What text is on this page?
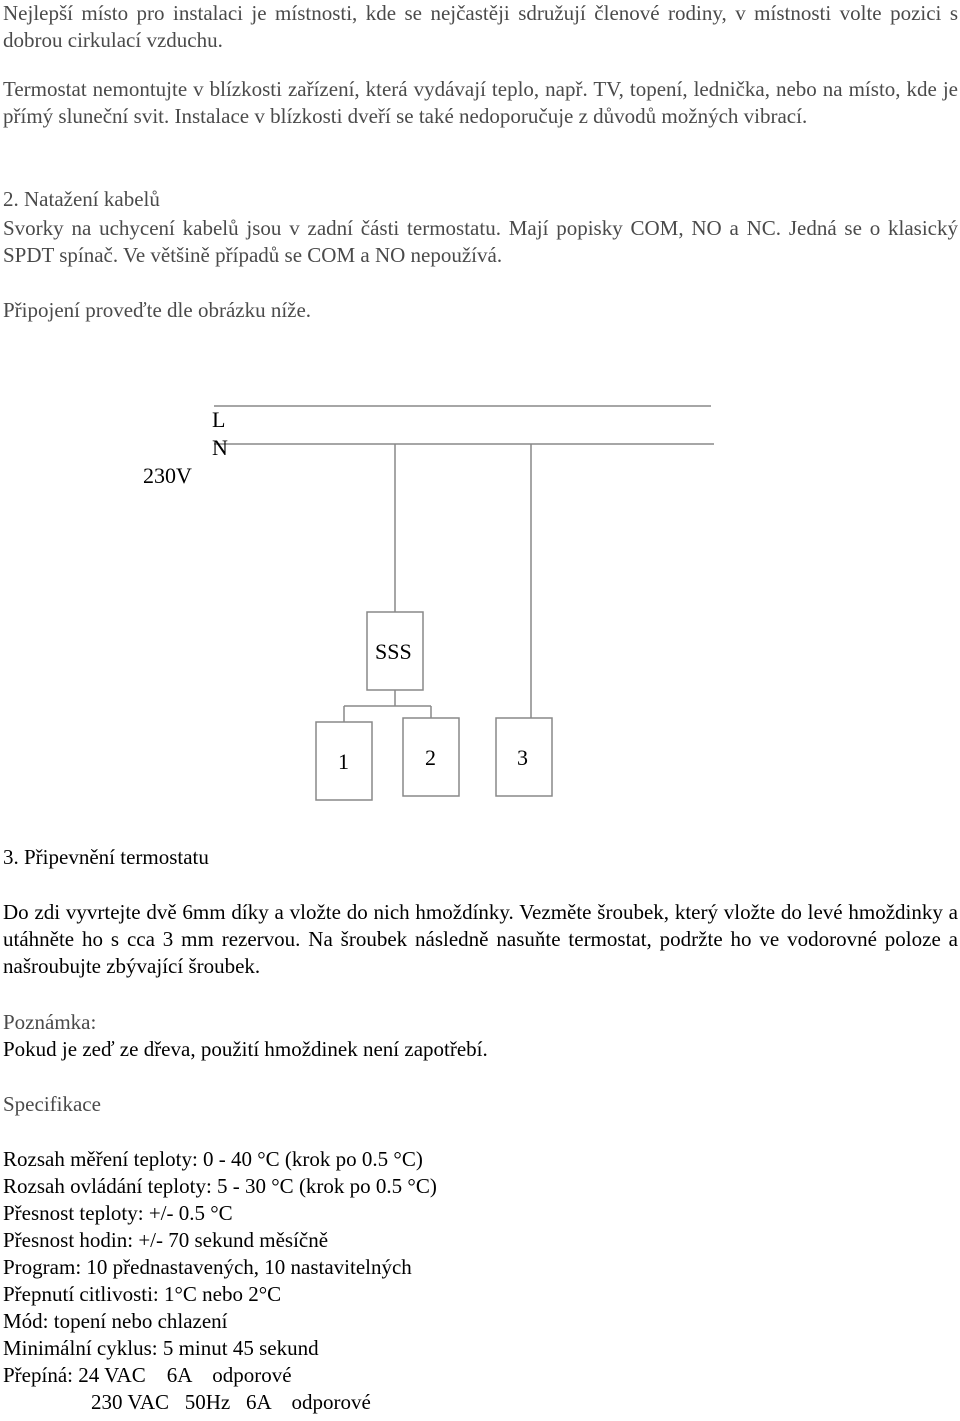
Nejlepší místo pro instalaci je místnosti, kde se nejčastěji sdružují členové rodiny, v místnosti volte pozici s dobrou cirkulací vzduchu.

Termostat nemontujte v blízkosti zařízení, která vydávají teplo, např. TV, topení, lednička, nebo na místo, kde je přímý sluneční svit. Instalace v blízkosti dveří se také nedoporučuje z důvodů možných vibrací.

2. Natažení kabelů

Svorky na uchycení kabelů jsou v zadní části termostatu. Mají popisky COM, NO a NC. Jedná se o klasický SPDT spínač. Ve většině případů se COM a NO nepoužívá.

Připojení proveďte dle obrázku níže.

L
N
230V
SSS
1	2	3

3. Připevnění termostatu

Do zdi vyvrtejte dvě 6mm díky a vložte do nich hmoždínky. Vezměte šroubek, který vložte do levé hmoždinky a utáhněte ho s cca 3 mm rezervou. Na šroubek následně nasuňte termostat, podržte ho ve vodorovné poloze a našroubujte zbývající šroubek.

Poznámka:

Pokud je zeď ze dřeva, použití hmoždinek není zapotřebí.

Specifikace

Rozsah měření teploty: 0 - 40 °C (krok po 0.5 °C)
Rozsah ovládání teploty: 5 - 30 °C (krok po 0.5 °C)
Přesnost teploty: +/- 0.5 °C
Přesnost hodin: +/- 70 sekund měsíčně
Program: 10 přednastavených, 10 nastavitelných
Přepnutí citlivosti: 1°C nebo 2°C
Mód: topení nebo chlazení
Minimální cyklus: 5 minut 45 sekund
Přepíná: 24 VAC    6A    odporové
230 VAC   50Hz   6A    odporové
